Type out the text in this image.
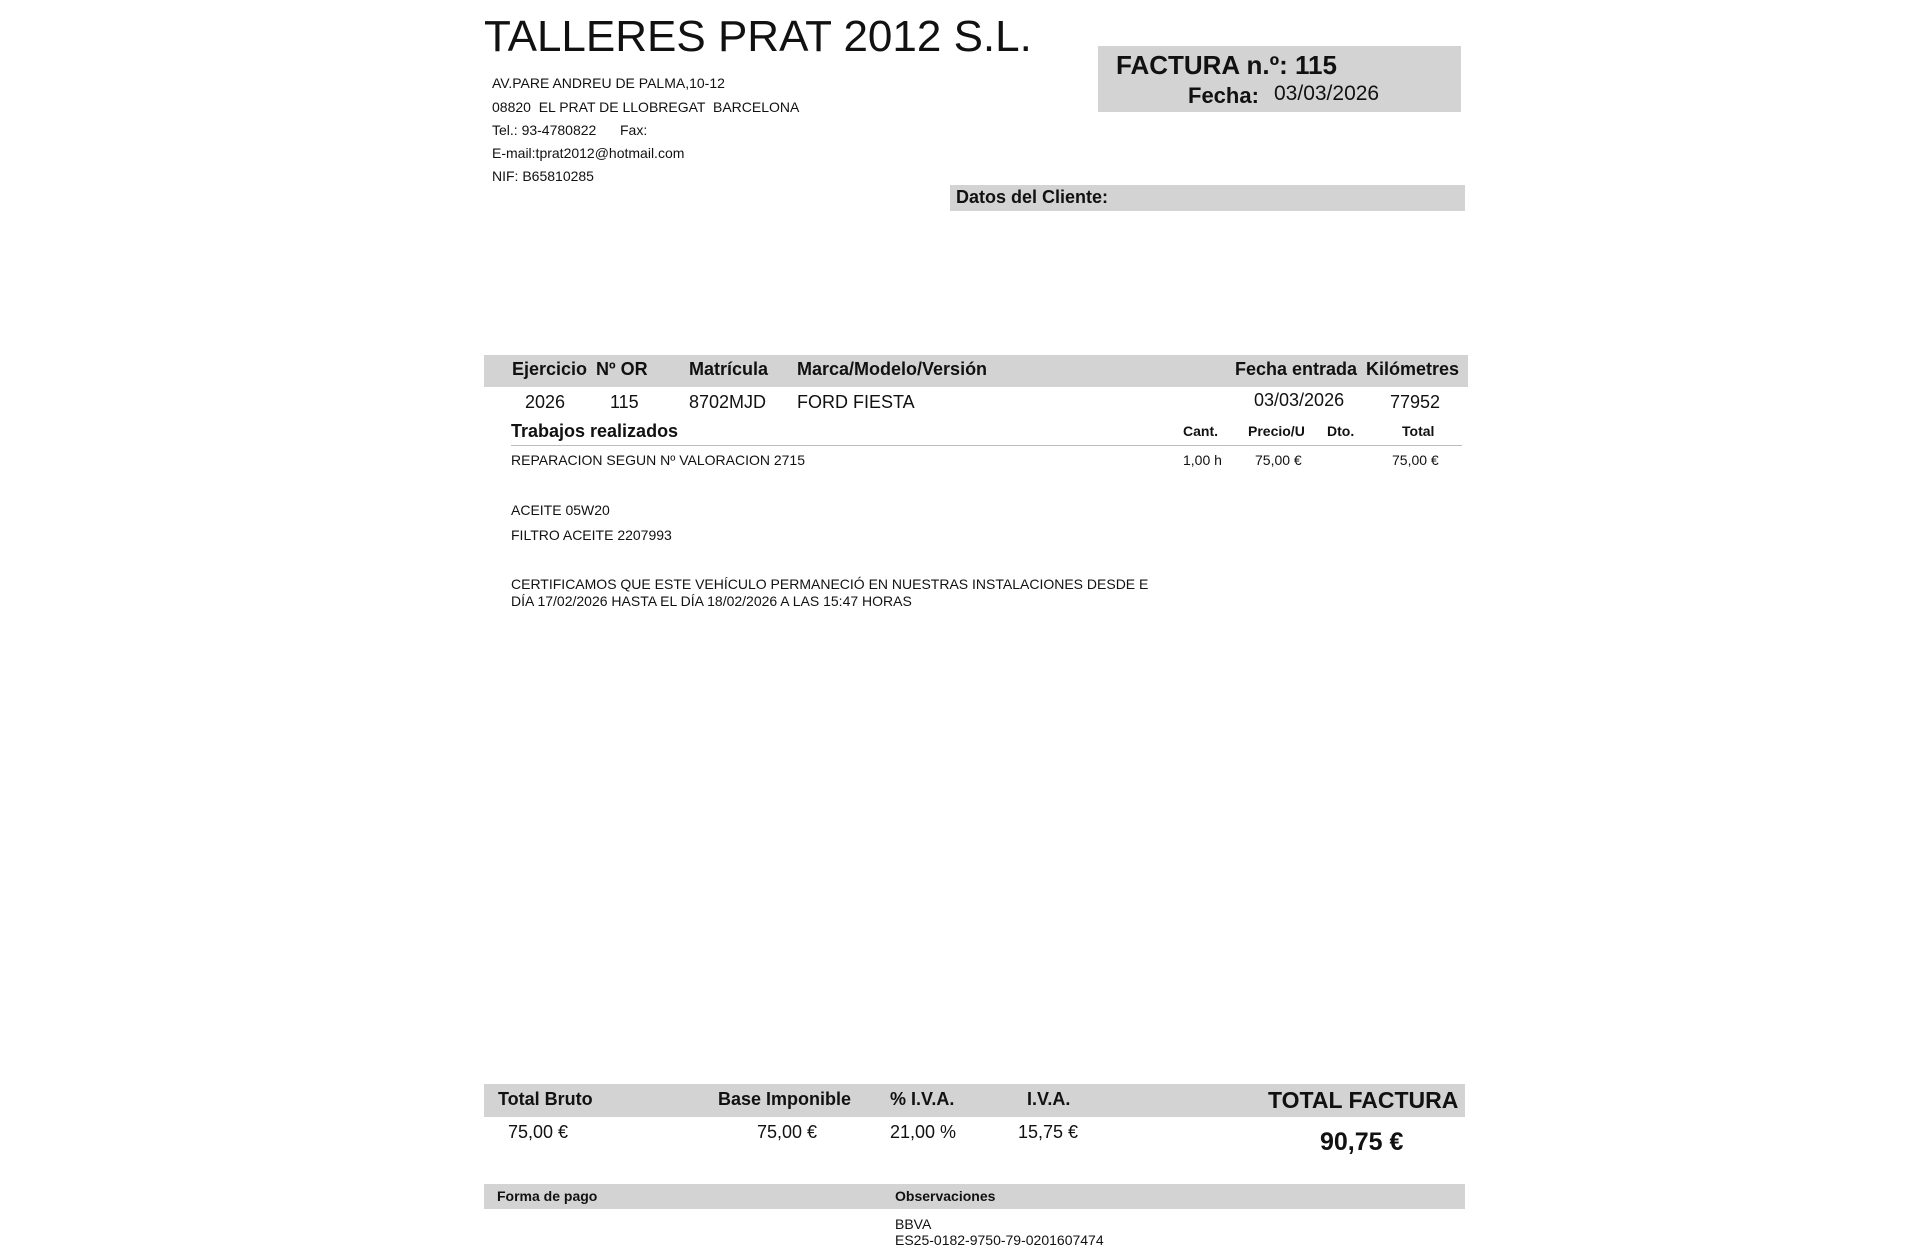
TALLERES PRAT 2012 S.L.
AV.PARE ANDREU DE PALMA,10-12
08820  EL PRAT DE LLOBREGAT  BARCELONA
Tel.: 93-4780822 Fax:
E-mail:tprat2012@hotmail.com
NIF: B65810285
FACTURA n.º: 115
Fecha: 03/03/2026
Datos del Cliente:
Ejercicio Nº OR Matrícula Marca/Modelo/Versión	Fecha entrada Kilómetres
2026 115	8702MJD FORD FIESTA	03/03/2026	77952
Trabajos realizados	Cant. Precio/U Dto.	Total
REPARACION SEGUN Nº VALORACION 2715	1,00 h 75,00 €	75,00 €
ACEITE 05W20
FILTRO ACEITE 2207993
CERTIFICAMOS QUE ESTE VEHÍCULO PERMANECIÓ EN NUESTRAS INSTALACIONES DESDE E
DÍA 17/02/2026 HASTA EL DÍA 18/02/2026 A LAS 15:47 HORAS
Total Bruto	Base Imponible % I.V.A.	I.V.A.	TOTAL FACTURA
75,00 €	75,00 €	21,00 %	15,75 €	90,75 €
Forma de pago	Observaciones
BBVA
ES25-0182-9750-79-0201607474
